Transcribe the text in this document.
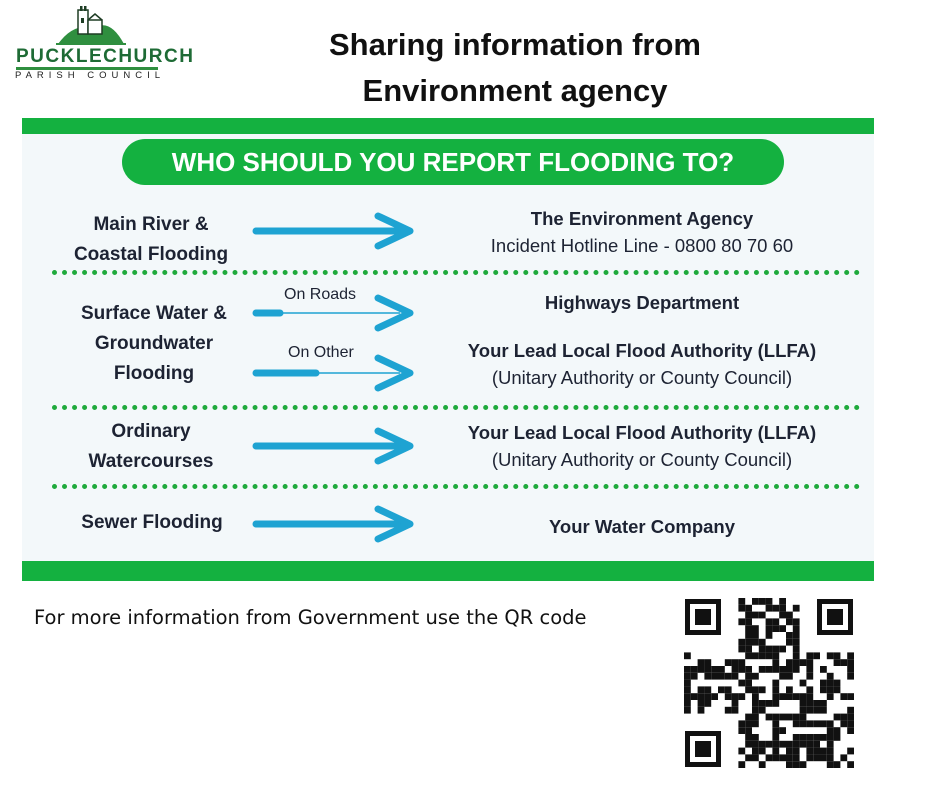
PUCKLECHURCH
PARISH COUNCIL
Sharing information from
Environment agency
WHO SHOULD YOU REPORT FLOODING TO?
Main River &
Coastal Flooding
The Environment Agency
Incident Hotline Line - 0800 80 70 60
Surface Water &
Groundwater
Flooding
On Roads
On Other
Highways Department
Your Lead Local Flood Authority (LLFA)
(Unitary Authority or County Council)
Ordinary
Watercourses
Your Lead Local Flood Authority (LLFA)
(Unitary Authority or County Council)
Sewer Flooding	Your Water Company
For more information from Government use the QR code
